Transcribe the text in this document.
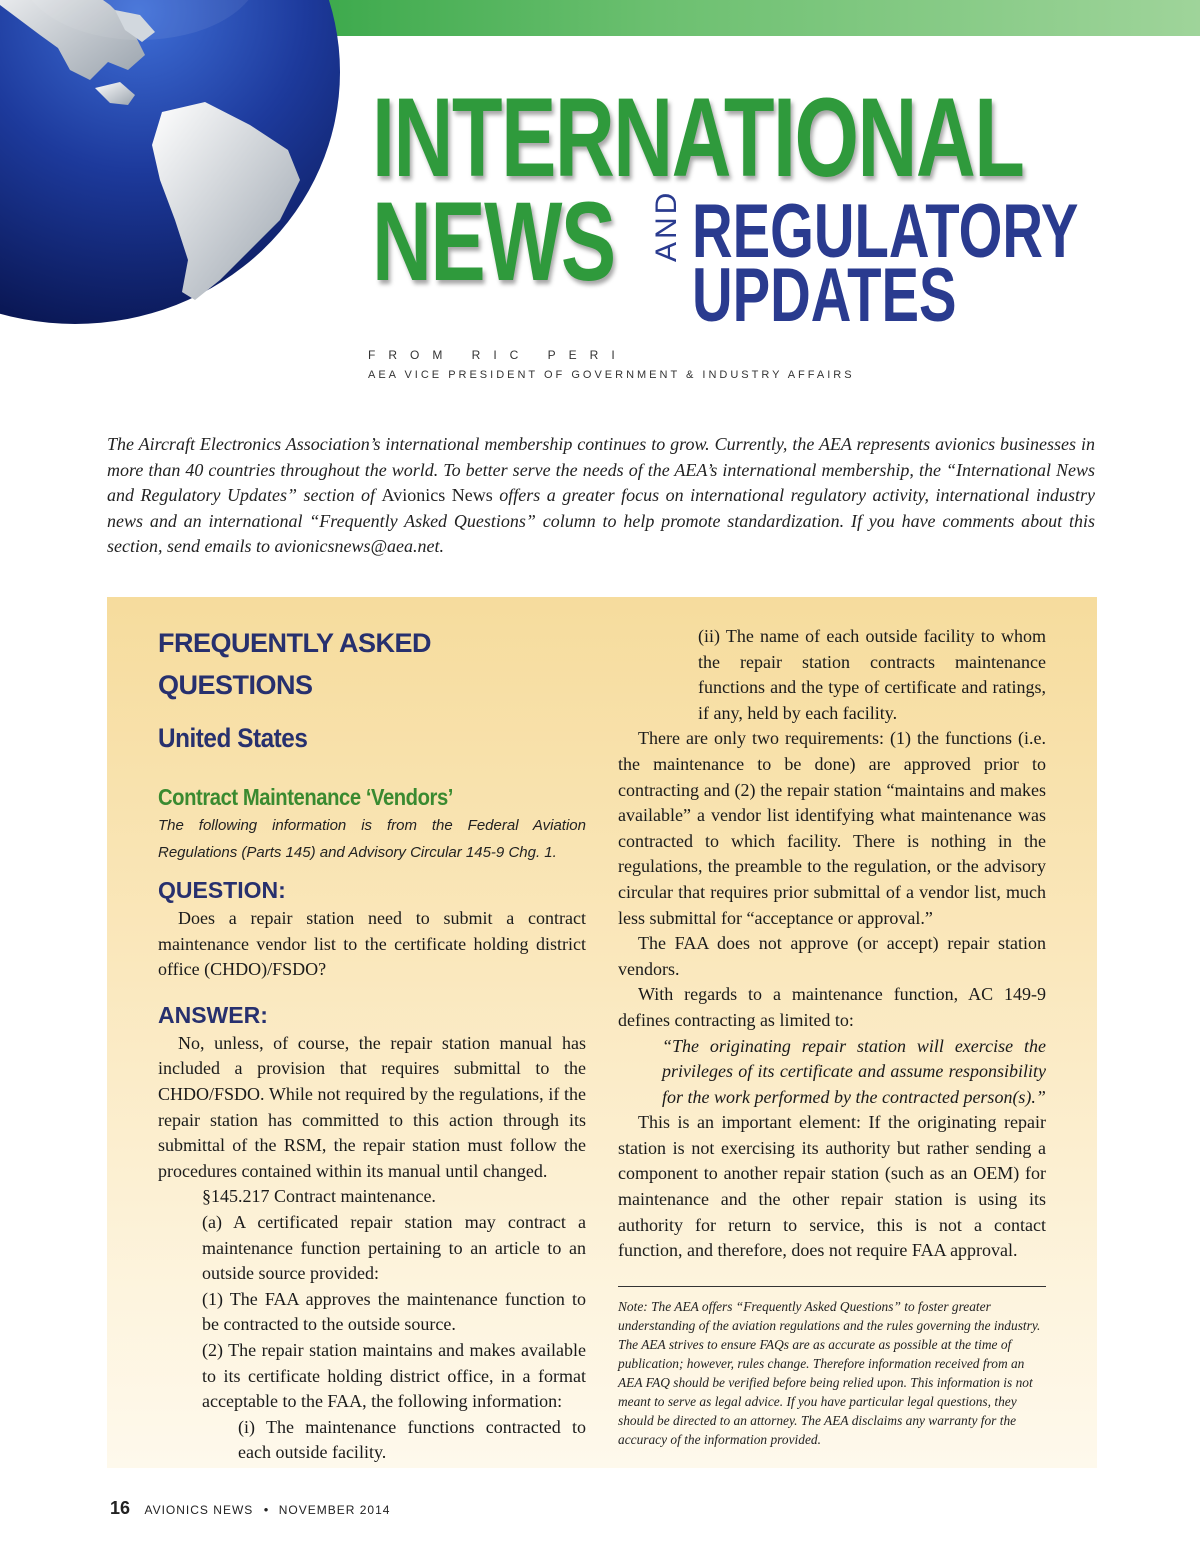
INTERNATIONAL
NEWS AND REGULATORY
UPDATES
FROM RIC PERI
AEA VICE PRESIDENT OF GOVERNMENT & INDUSTRY AFFAIRS

The Aircraft Electronics Association’s international membership continues to grow. Currently, the AEA represents avionics businesses in more than 40 countries throughout the world. To better serve the needs of the AEA’s international membership, the “International News and Regulatory Updates” section of Avionics News offers a greater focus on international regulatory activity, international industry news and an international “Frequently Asked Questions” column to help promote standardization. If you have comments about this section, send emails to avionicsnews@aea.net.

FREQUENTLY ASKED QUESTIONS
United States
Contract Maintenance ‘Vendors’

The following information is from the Federal Aviation Regulations (Parts 145) and Advisory Circular 145-9 Chg. 1.

QUESTION:

Does a repair station need to submit a contract maintenance vendor list to the certificate holding district office (CHDO)/FSDO?

ANSWER:

No, unless, of course, the repair station manual has included a provision that requires submittal to the CHDO/FSDO. While not required by the regulations, if the repair station has committed to this action through its submittal of the RSM, the repair station must follow the procedures contained within its manual until changed.

§145.217 Contract maintenance.

(a) A certificated repair station may contract a maintenance function pertaining to an article to an outside source provided:

(1) The FAA approves the maintenance function to be contracted to the outside source.

(2) The repair station maintains and makes available to its certificate holding district office, in a format acceptable to the FAA, the following information:

(i) The maintenance functions contracted to each outside facility.

(ii) The name of each outside facility to whom the repair station contracts maintenance functions and the type of certificate and ratings, if any, held by each facility.

There are only two requirements: (1) the functions (i.e. the maintenance to be done) are approved prior to contracting and (2) the repair station “maintains and makes available” a vendor list identifying what maintenance was contracted to which facility. There is nothing in the regulations, the preamble to the regulation, or the advisory circular that requires prior submittal of a vendor list, much less submittal for “acceptance or approval.”

The FAA does not approve (or accept) repair station vendors.

With regards to a maintenance function, AC 149-9 defines contracting as limited to:

“The originating repair station will exercise the privileges of its certificate and assume responsibility for the work performed by the contracted person(s).”

This is an important element: If the originating repair station is not exercising its authority but rather sending a component to another repair station (such as an OEM) for maintenance and the other repair station is using its authority for return to service, this is not a contact function, and therefore, does not require FAA approval.

Note: The AEA offers “Frequently Asked Questions” to foster greater understanding of the aviation regulations and the rules governing the industry. The AEA strives to ensure FAQs are as accurate as possible at the time of publication; however, rules change. Therefore information received from an AEA FAQ should be verified before being relied upon. This information is not meant to serve as legal advice. If you have particular legal questions, they should be directed to an attorney. The AEA disclaims any warranty for the accuracy of the information provided.

16 AVIONICS NEWS • NOVEMBER 2014
